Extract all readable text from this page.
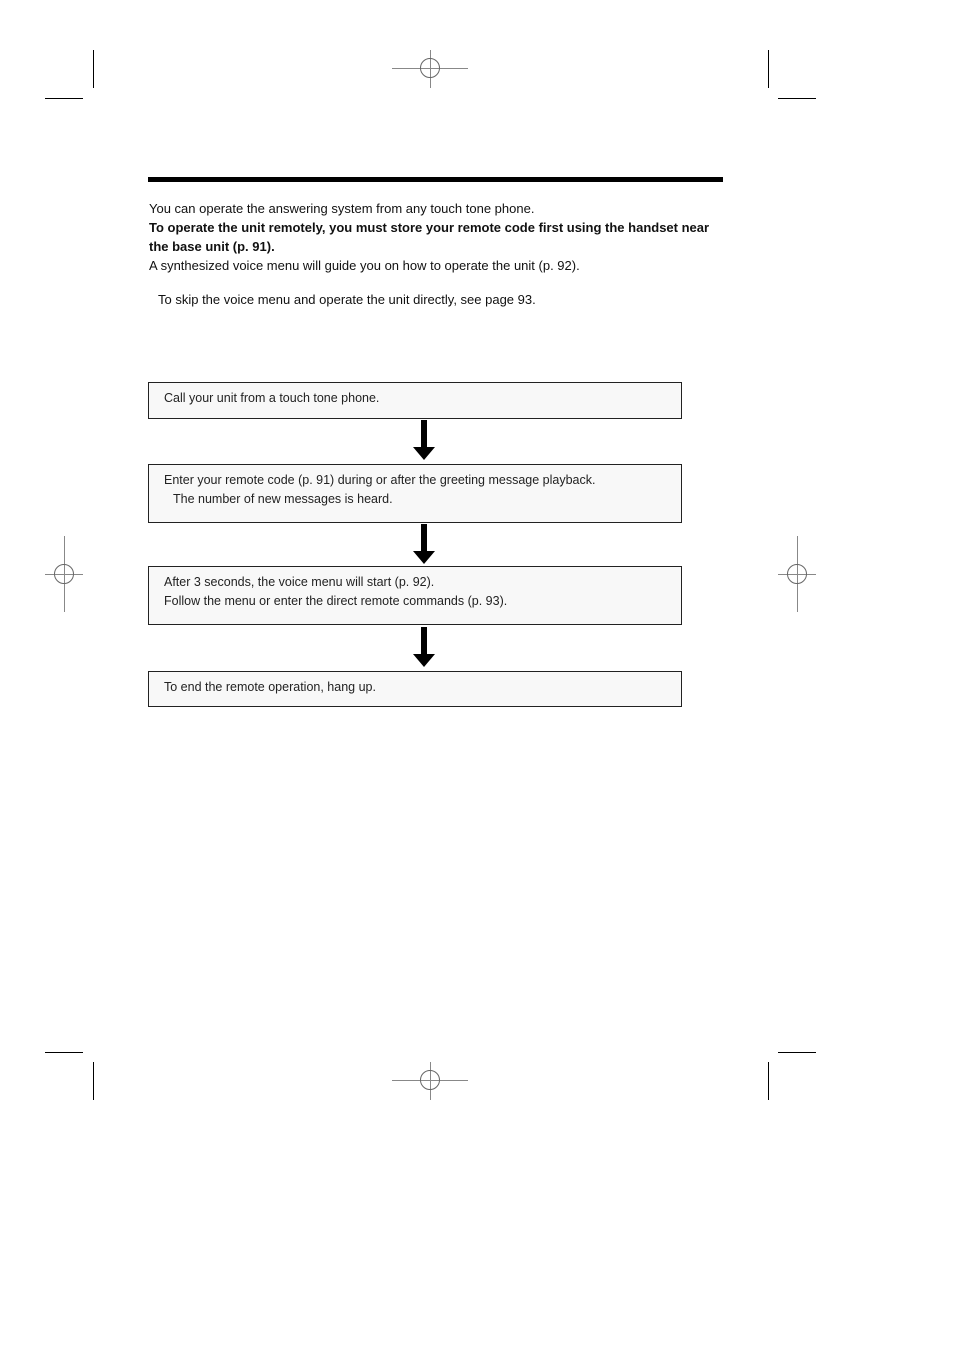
You can operate the answering system from any touch tone phone.

To operate the unit remotely, you must store your remote code first using the handset near the base unit (p. 91).

A synthesized voice menu will guide you on how to operate the unit (p. 92).

To skip the voice menu and operate the unit directly, see page 93.
Call your unit from a touch tone phone.
Enter your remote code (p. 91) during or after the greeting message playback.
The number of new messages is heard.
After 3 seconds, the voice menu will start (p. 92).
Follow the menu or enter the direct remote commands (p. 93).
To end the remote operation, hang up.
